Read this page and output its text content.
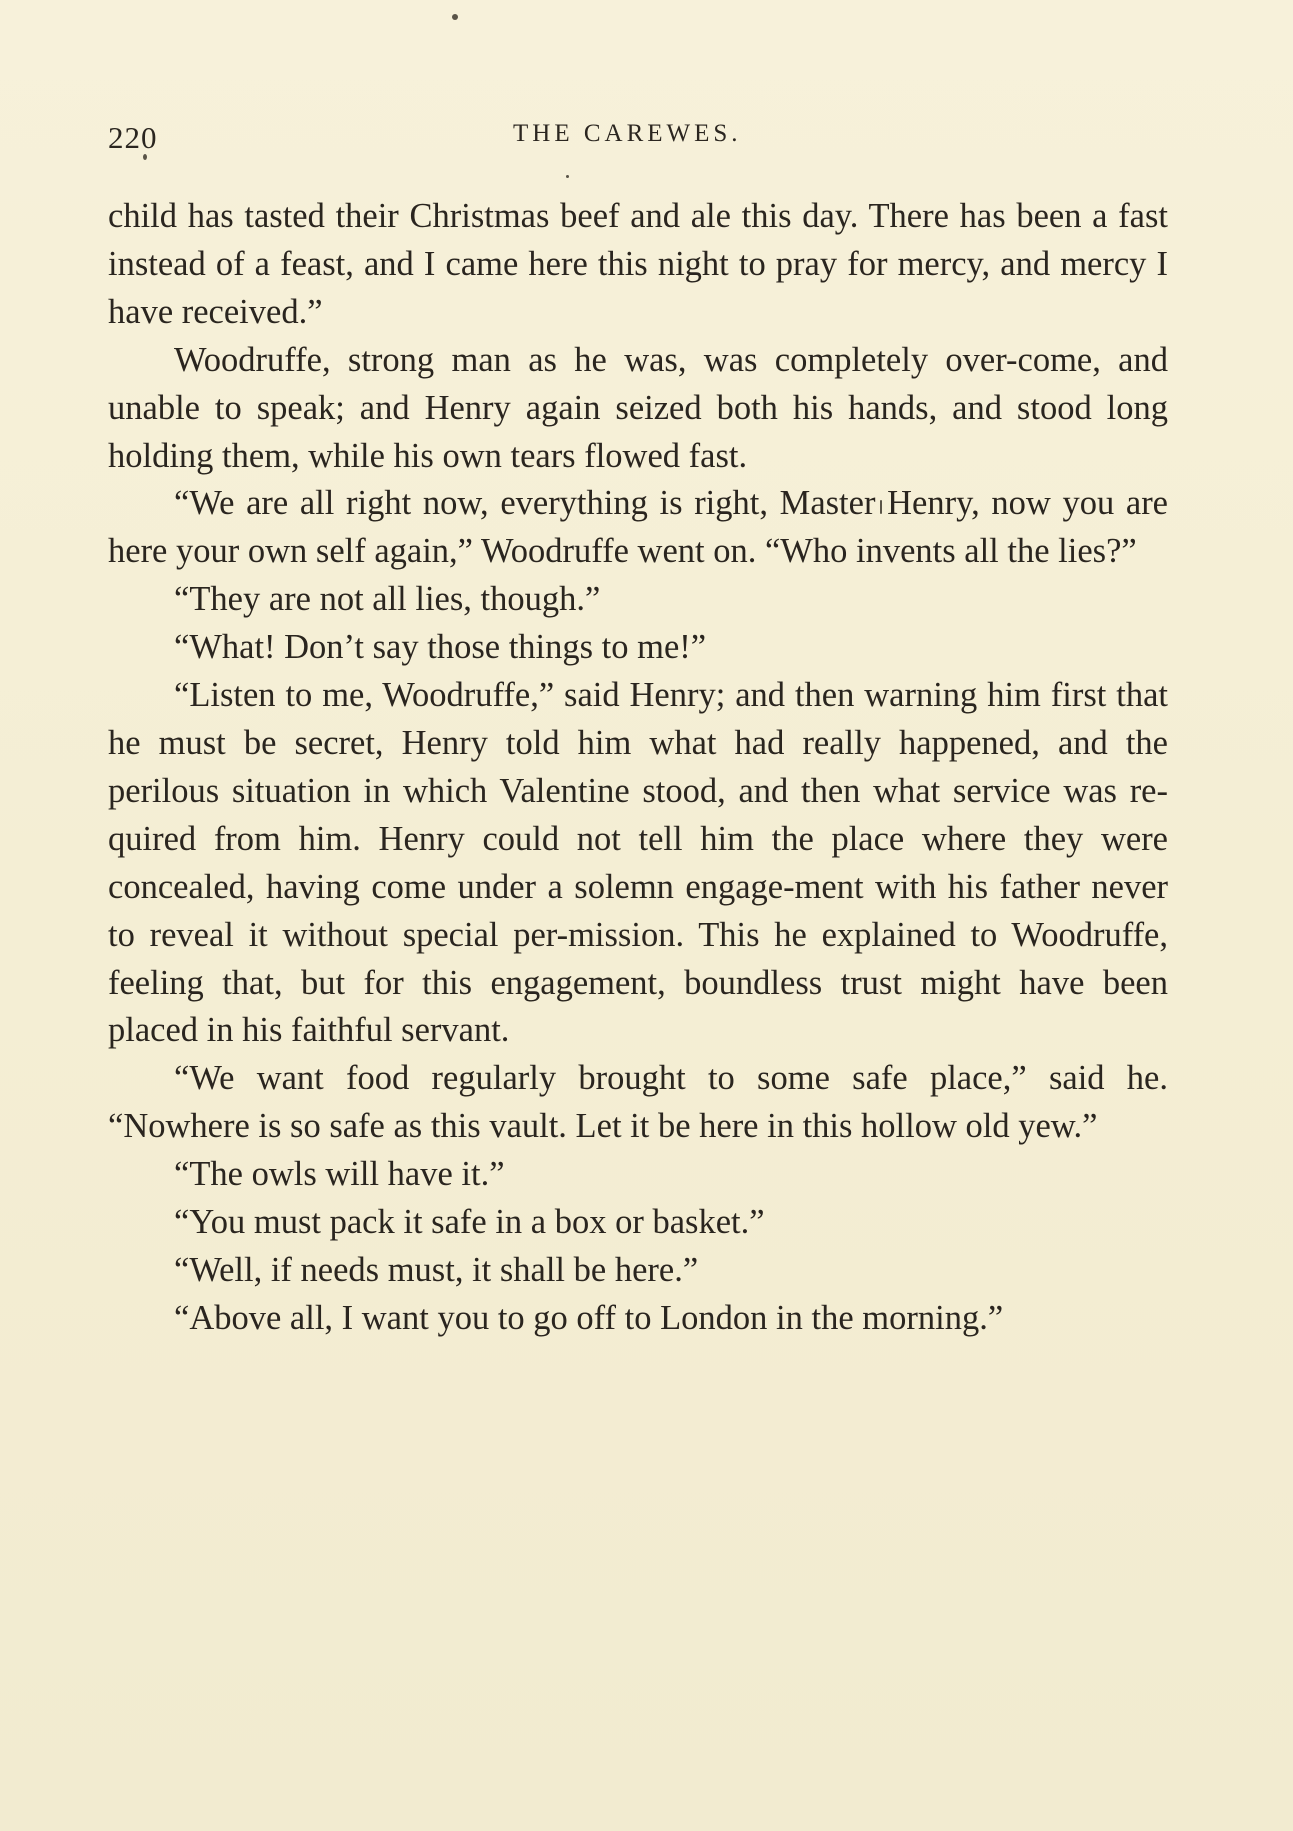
220	THE CAREWES.

child has tasted their Christmas beef and ale this day. There has been a fast instead of a feast, and I came here this night to pray for mercy, and mercy I have received.”

Woodruffe, strong man as he was, was completely over-come, and unable to speak; and Henry again seized both his hands, and stood long holding them, while his own tears flowed fast.

“We are all right now, everything is right, Master Henry, now you are here your own self again,” Woodruffe went on. “Who invents all the lies?”

“They are not all lies, though.”

“What! Don’t say those things to me!”

“Listen to me, Woodruffe,” said Henry; and then warning him first that he must be secret, Henry told him what had really happened, and the perilous situation in which Valentine stood, and then what service was re-quired from him. Henry could not tell him the place where they were concealed, having come under a solemn engage-ment with his father never to reveal it without special per-mission. This he explained to Woodruffe, feeling that, but for this engagement, boundless trust might have been placed in his faithful servant.

“We want food regularly brought to some safe place,” said he. “Nowhere is so safe as this vault. Let it be here in this hollow old yew.”

“The owls will have it.”

“You must pack it safe in a box or basket.”

“Well, if needs must, it shall be here.”

“Above all, I want you to go off to London in the morning.”
